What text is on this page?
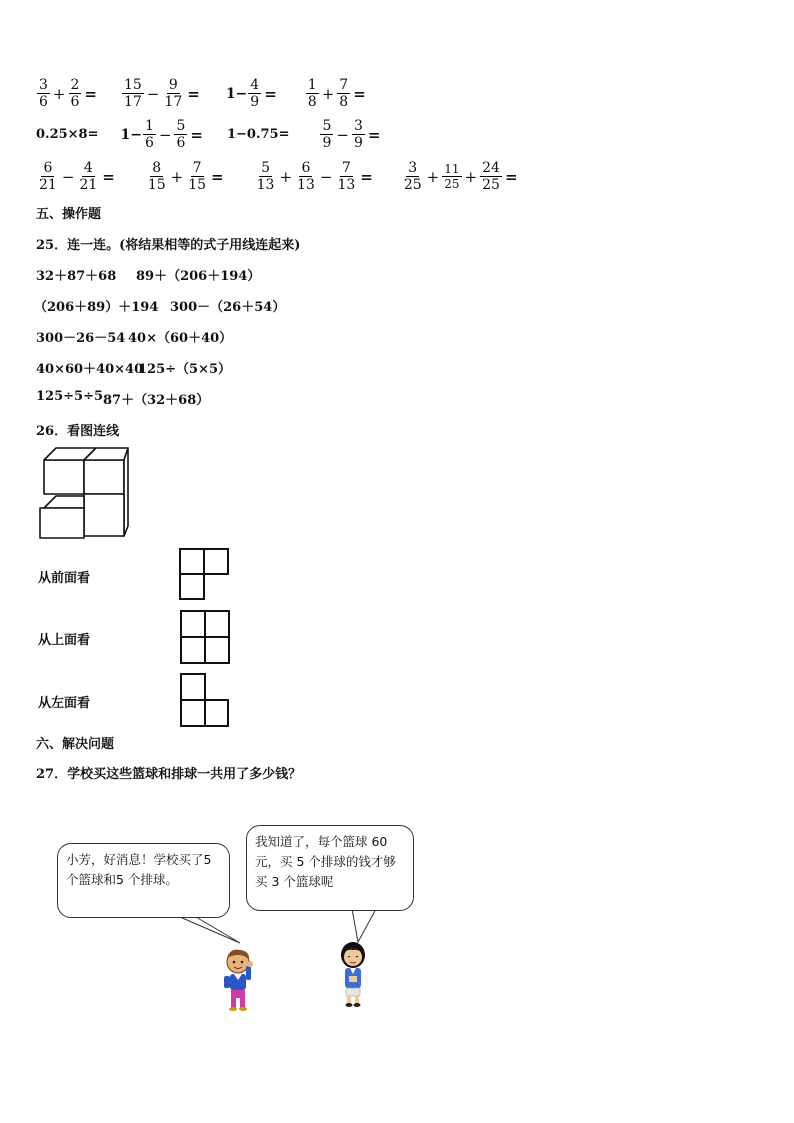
$\frac{3}{6} + \frac{2}{6} = \frac{15}{17} - \frac{9}{17} = 1- \frac{4}{9} = \frac{1}{8} + \frac{7}{8}$ =
$0.25\times 8= 1- \frac{1}{6} - \frac{5}{6} = 1-0.75= \frac{5}{9} - \frac{3}{9}$ =
$\frac{6}{21} - \frac{4}{21} = \frac{8}{15} + \frac{7}{15} = \frac{5}{13} + \frac{6}{13} - \frac{7}{13} = \frac{3}{25} + \frac{11}{25} + \frac{24}{25}$ =
五、操作题
25．连一连。(将结果相等的式子用线连起来)
32＋87＋68 89＋（206＋194）
（206＋89）＋194 300－（26＋54）
300－26－54 40×（60＋40）
40×60＋40×40
125÷（5×5）
125÷5÷5 87＋（32＋68）
26．看图连线
从前面看
从上面看
从左面看
六、解决问题
27．学校买这些篮球和排球一共用了多少钱？
小芳，好消息！学校买了5个篮球和5 个排球。
我知道了，每个篮球 60 元，买 5 个排球的钱才够买 3 个篮球呢
